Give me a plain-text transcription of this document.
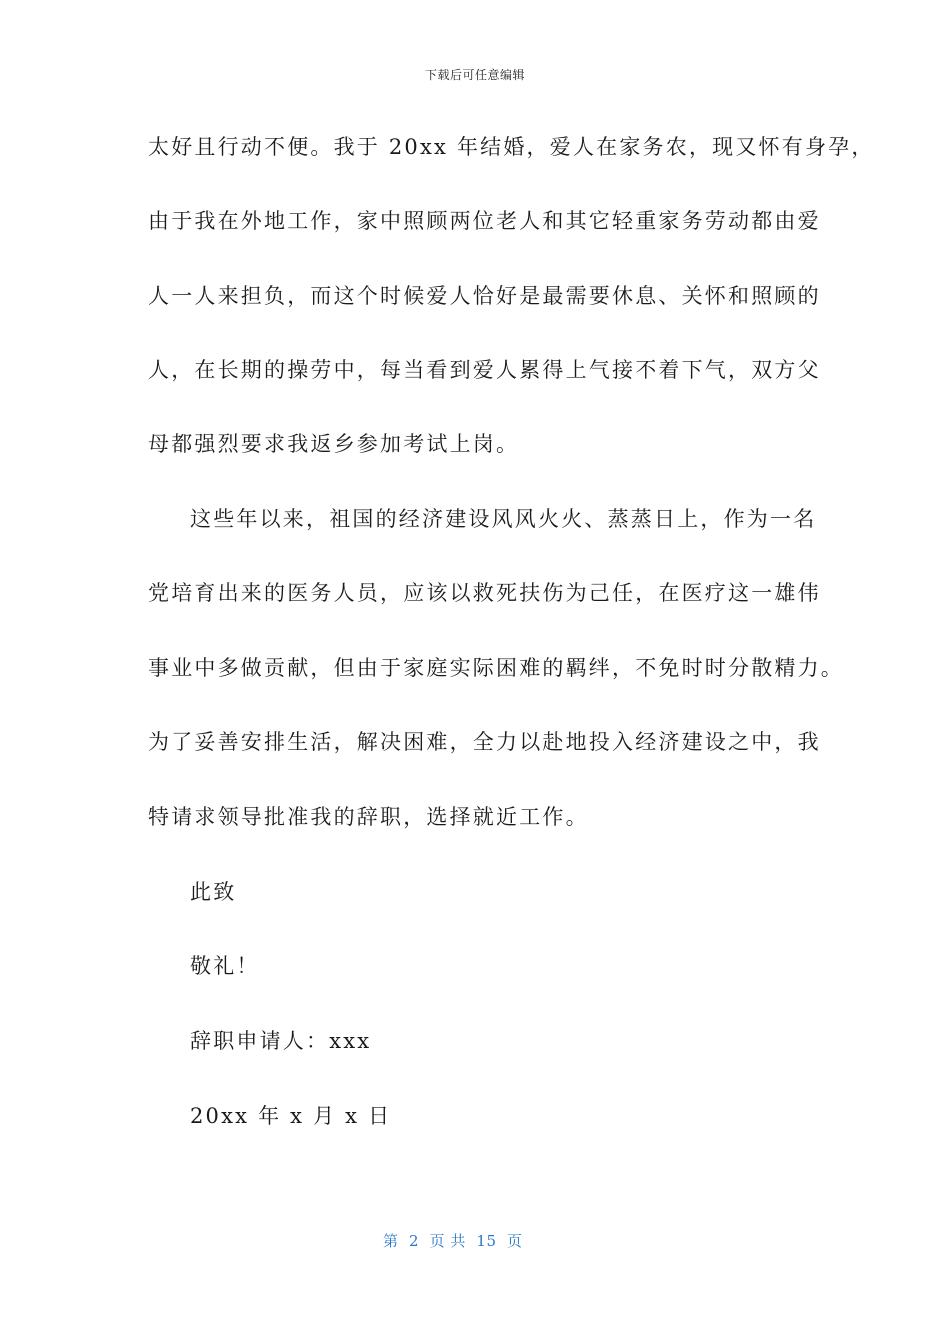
下载后可任意编辑
太好且行动不便。我于 20xx 年结婚，爱人在家务农，现又怀有身孕，
由于我在外地工作，家中照顾两位老人和其它轻重家务劳动都由爱
人一人来担负，而这个时候爱人恰好是最需要休息、关怀和照顾的
人，在长期的操劳中，每当看到爱人累得上气接不着下气，双方父
母都强烈要求我返乡参加考试上岗。
这些年以来，祖国的经济建设风风火火、蒸蒸日上，作为一名
党培育出来的医务人员，应该以救死扶伤为己任，在医疗这一雄伟
事业中多做贡献，但由于家庭实际困难的羁绊，不免时时分散精力。
为了妥善安排生活，解决困难，全力以赴地投入经济建设之中，我
特请求领导批准我的辞职，选择就近工作。
此致
敬礼！
辞职申请人：xxx
20xx 年 x 月 x 日
第  2  页 共  15  页
